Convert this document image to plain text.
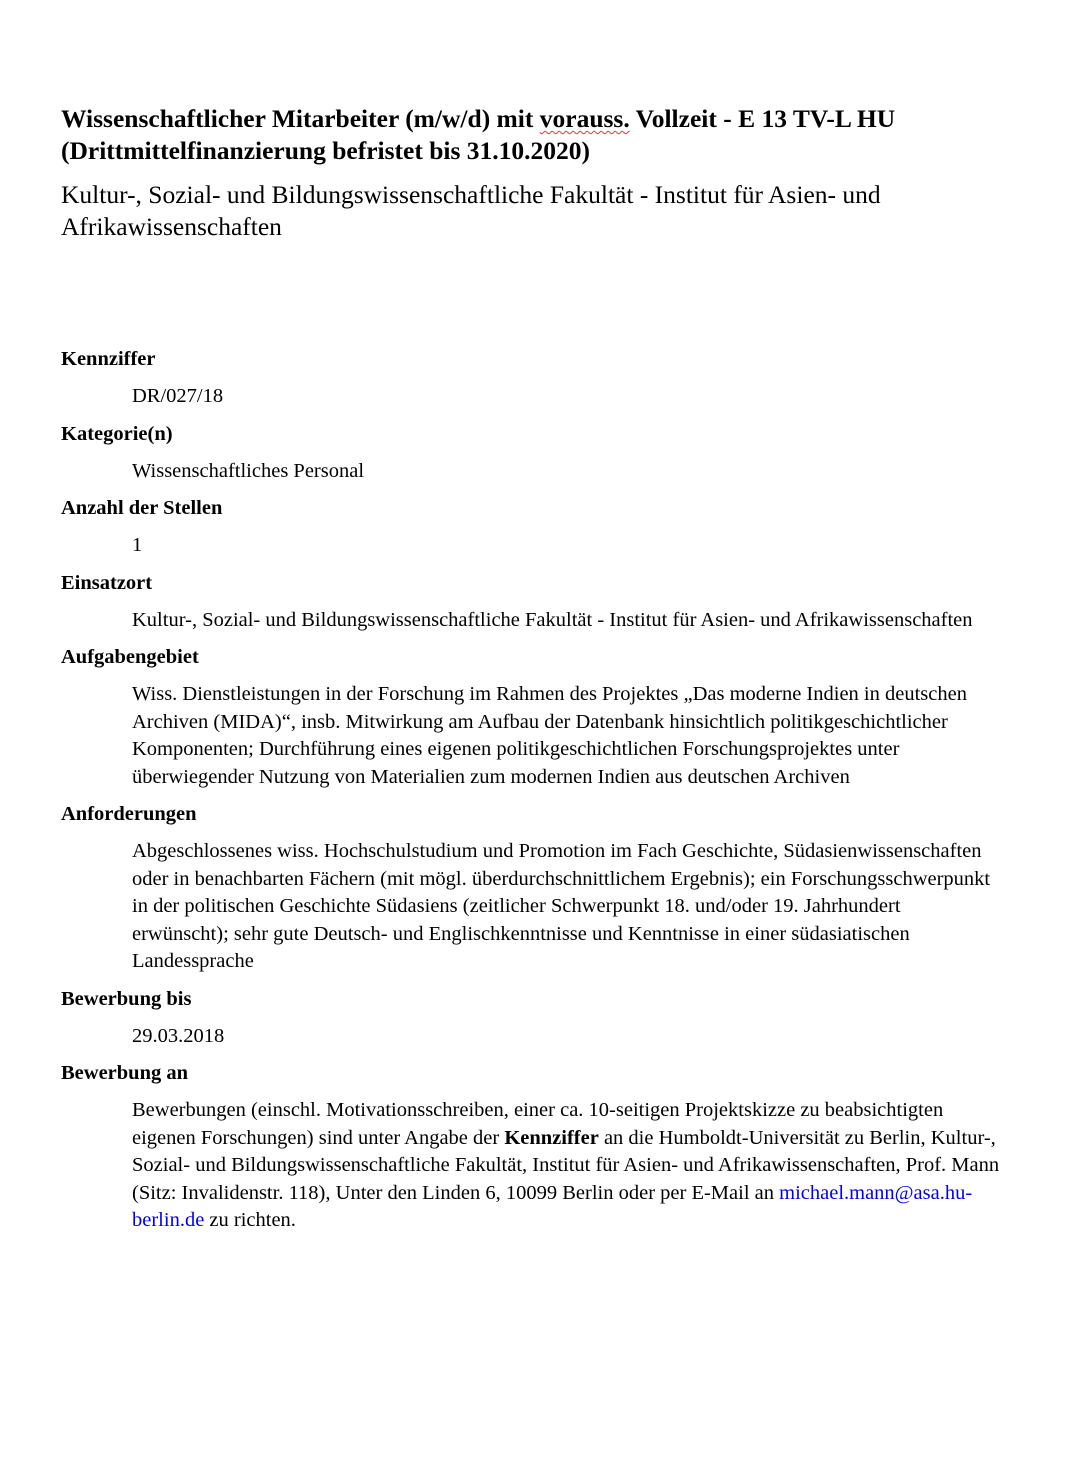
Wissenschaftlicher Mitarbeiter (m/w/d) mit vorauss. Vollzeit - E 13 TV-L HU (Drittmittelfinanzierung befristet bis 31.10.2020)

Kultur-, Sozial- und Bildungswissenschaftliche Fakultät - Institut für Asien- und Afrikawissenschaften

Kennziffer

DR/027/18

Kategorie(n)

Wissenschaftliches Personal

Anzahl der Stellen

1

Einsatzort

Kultur-, Sozial- und Bildungswissenschaftliche Fakultät - Institut für Asien- und Afrikawissenschaften

Aufgabengebiet

Wiss. Dienstleistungen in der Forschung im Rahmen des Projektes „Das moderne Indien in deutschen Archiven (MIDA)“, insb. Mitwirkung am Aufbau der Datenbank hinsichtlich politikgeschichtlicher Komponenten; Durchführung eines eigenen politikgeschichtlichen Forschungsprojektes unter überwiegender Nutzung von Materialien zum modernen Indien aus deutschen Archiven

Anforderungen

Abgeschlossenes wiss. Hochschulstudium und Promotion im Fach Geschichte, Südasienwissenschaften oder in benachbarten Fächern (mit mögl. überdurchschnittlichem Ergebnis); ein Forschungsschwerpunkt in der politischen Geschichte Südasiens (zeitlicher Schwerpunkt 18. und/oder 19. Jahrhundert erwünscht); sehr gute Deutsch- und Englischkenntnisse und Kenntnisse in einer südasiatischen Landessprache

Bewerbung bis

29.03.2018

Bewerbung an

Bewerbungen (einschl. Motivationsschreiben, einer ca. 10-seitigen Projektskizze zu beabsichtigten eigenen Forschungen) sind unter Angabe der Kennziffer an die Humboldt-Universität zu Berlin, Kultur-, Sozial- und Bildungswissenschaftliche Fakultät, Institut für Asien- und Afrikawissenschaften, Prof. Mann (Sitz: Invalidenstr. 118), Unter den Linden 6, 10099 Berlin oder per E-Mail an michael.mann@asa.hu-berlin.de zu richten.
